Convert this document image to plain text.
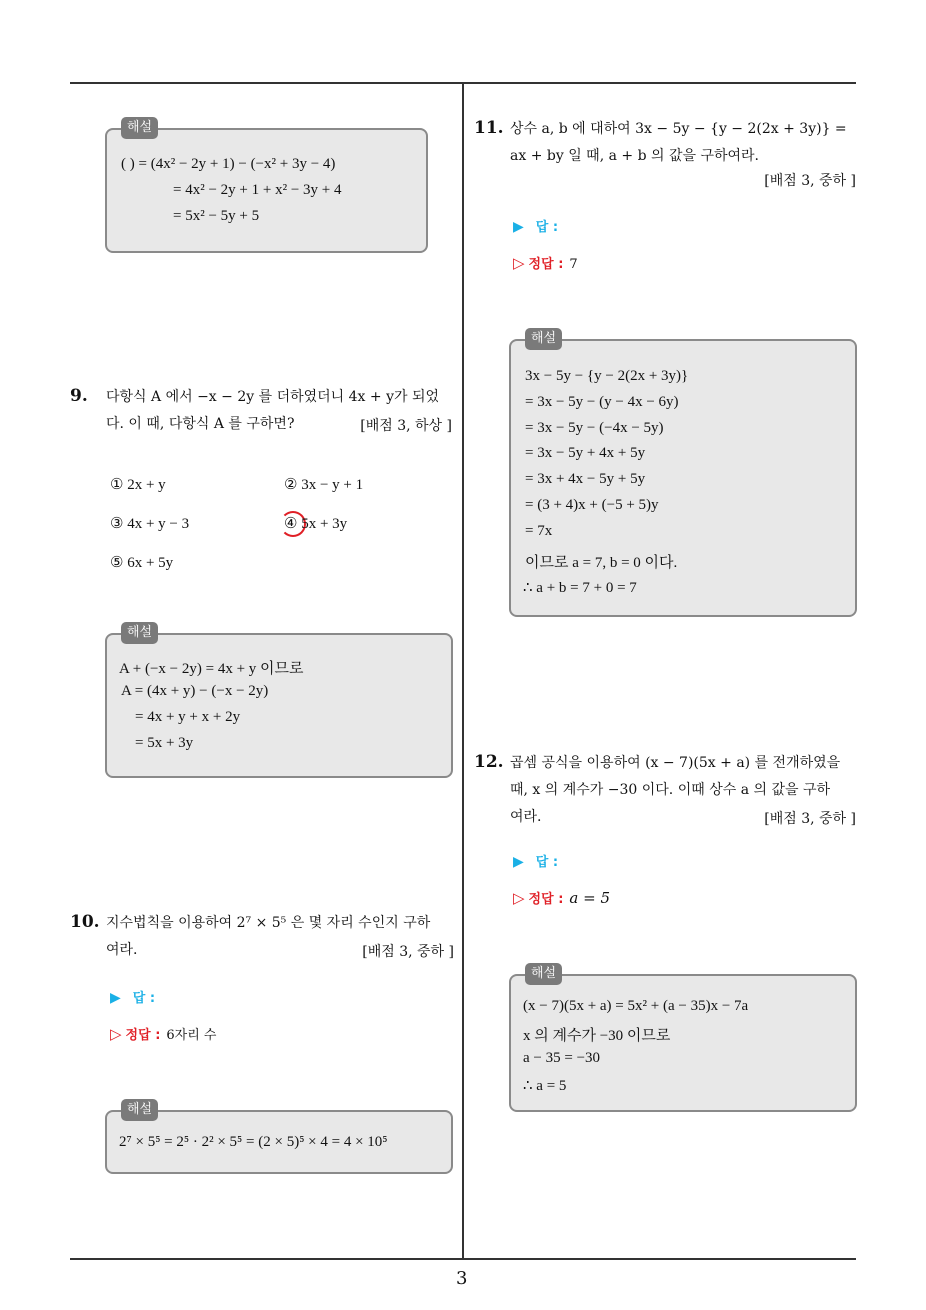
해설
( ) = (4x² − 2y + 1) − (−x² + 3y − 4)
= 4x² − 2y + 1 + x² − 3y + 4
= 5x² − 5y + 5
9. 다항식 A 에서 −x − 2y 를 더하였더니 4x + y가 되었
다. 이 때, 다항식 A 를 구하면?	[배점 3, 하상 ]
① 2x + y	② 3x − y + 1
③ 4x + y − 3	④ 5x + 3y
⑤ 6x + 5y
해설
A + (−x − 2y) = 4x + y 이므로
A = (4x + y) − (−x − 2y)
= 4x + y + x + 2y
= 5x + 3y
10. 지수법칙을 이용하여 2⁷ × 5⁵ 은 몇 자리 수인지 구하
여라.	[배점 3, 중하 ]
▶ 답 :
▷ 정답 : 6자리 수
해설
2⁷ × 5⁵ = 2⁵ · 2² × 5⁵ = (2 × 5)⁵ × 4 = 4 × 10⁵
11. 상수 a, b 에 대하여 3x − 5y − {y − 2(2x + 3y)} =
ax + by 일 때, a + b 의 값을 구하여라.
[배점 3, 중하 ]
▶ 답 :
▷ 정답 : 7
해설
3x − 5y − {y − 2(2x + 3y)}
= 3x − 5y − (y − 4x − 6y)
= 3x − 5y − (−4x − 5y)
= 3x − 5y + 4x + 5y
= 3x + 4x − 5y + 5y
= (3 + 4)x + (−5 + 5)y
= 7x
이므로 a = 7, b = 0 이다.
∴ a + b = 7 + 0 = 7
12. 곱셈 공식을 이용하여 (x − 7)(5x + a) 를 전개하였을
때, x 의 계수가 −30 이다. 이때 상수 a 의 값을 구하
여라.	[배점 3, 중하 ]
▶ 답 :
▷ 정답 : a = 5
해설
(x − 7)(5x + a) = 5x² + (a − 35)x − 7a
x 의 계수가 −30 이므로
a − 35 = −30
∴ a = 5
3
